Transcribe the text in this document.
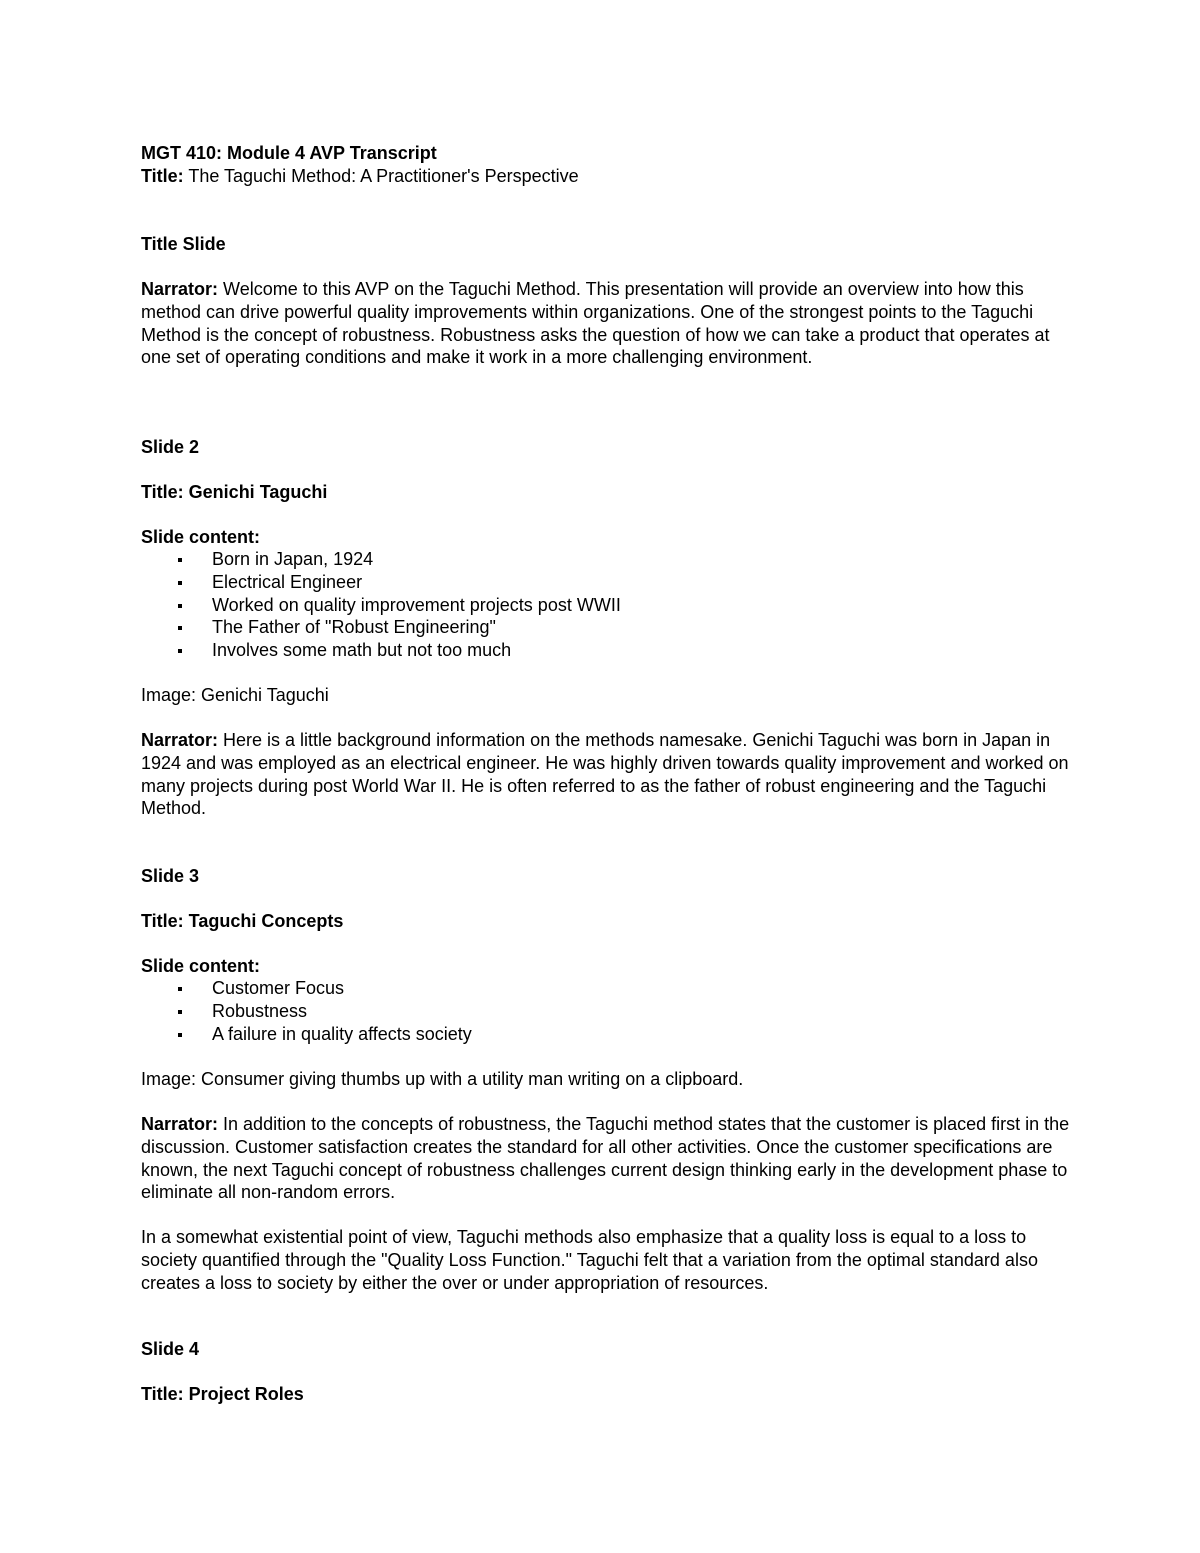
MGT 410: Module 4 AVP Transcript

Title: The Taguchi Method: A Practitioner's Perspective

Title Slide

Narrator: Welcome to this AVP on the Taguchi Method. This presentation will provide an overview into how this method can drive powerful quality improvements within organizations. One of the strongest points to the Taguchi Method is the concept of robustness. Robustness asks the question of how we can take a product that operates at one set of operating conditions and make it work in a more challenging environment.

Slide 2

Title: Genichi Taguchi

Slide content:

Born in Japan, 1924
Electrical Engineer
Worked on quality improvement projects post WWII
The Father of "Robust Engineering"
Involves some math but not too much

Image: Genichi Taguchi

Narrator: Here is a little background information on the methods namesake. Genichi Taguchi was born in Japan in 1924 and was employed as an electrical engineer. He was highly driven towards quality improvement and worked on many projects during post World War II. He is often referred to as the father of robust engineering and the Taguchi Method.

Slide 3

Title: Taguchi Concepts

Slide content:

Customer Focus
Robustness
A failure in quality affects society

Image: Consumer giving thumbs up with a utility man writing on a clipboard.

Narrator: In addition to the concepts of robustness, the Taguchi method states that the customer is placed first in the discussion. Customer satisfaction creates the standard for all other activities. Once the customer specifications are known, the next Taguchi concept of robustness challenges current design thinking early in the development phase to eliminate all non-random errors.

In a somewhat existential point of view, Taguchi methods also emphasize that a quality loss is equal to a loss to society quantified through the "Quality Loss Function." Taguchi felt that a variation from the optimal standard also creates a loss to society by either the over or under appropriation of resources.

Slide 4

Title: Project Roles
